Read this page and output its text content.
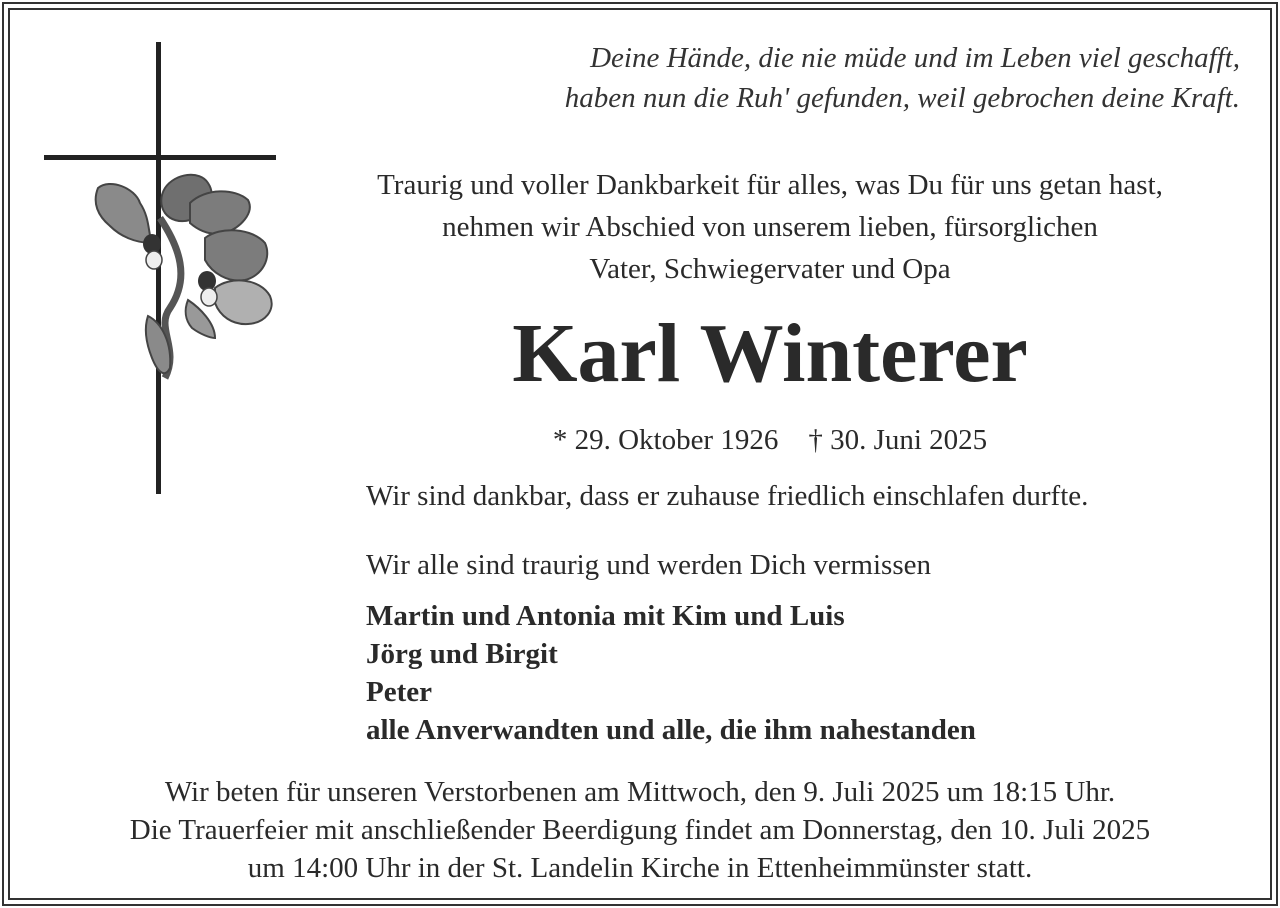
Deine Hände, die nie müde und im Leben viel geschafft,
haben nun die Ruh' gefunden, weil gebrochen deine Kraft.
Traurig und voller Dankbarkeit für alles, was Du für uns getan hast,
nehmen wir Abschied von unserem lieben, fürsorglichen
Vater, Schwiegervater und Opa
Karl Winterer
* 29. Oktober 1926 † 30. Juni 2025
Wir sind dankbar, dass er zuhause friedlich einschlafen durfte.
Wir alle sind traurig und werden Dich vermissen
Martin und Antonia mit Kim und Luis
Jörg und Birgit
Peter
alle Anverwandten und alle, die ihm nahestanden
Wir beten für unseren Verstorbenen am Mittwoch, den 9. Juli 2025 um 18:15 Uhr.
Die Trauerfeier mit anschließender Beerdigung findet am Donnerstag, den 10. Juli 2025
um 14:00 Uhr in der St. Landelin Kirche in Ettenheimmünster statt.
